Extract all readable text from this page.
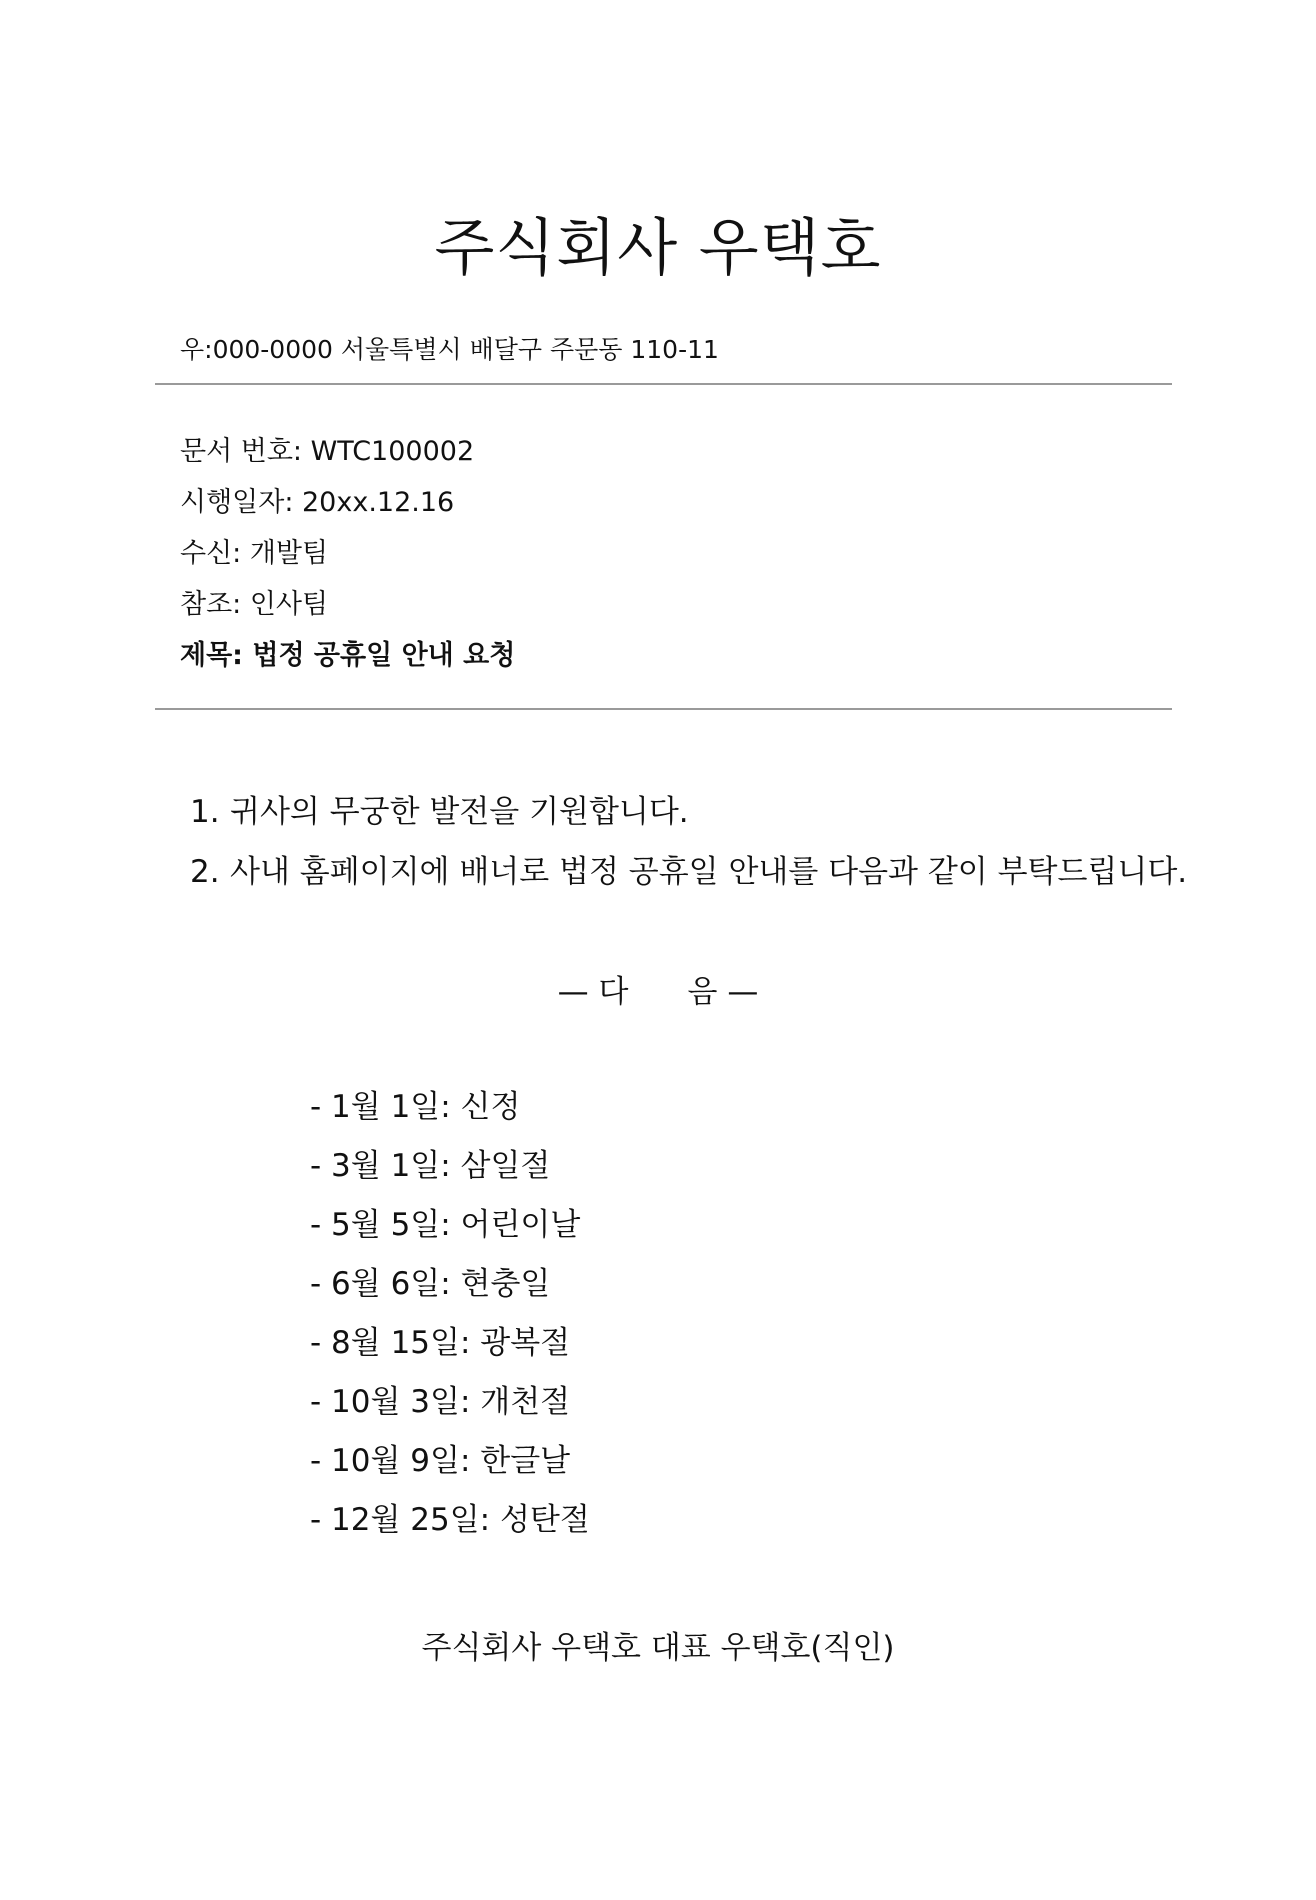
주식회사 우택호
우:000-0000 서울특별시 배달구 주문동 110-11
문서 번호: WTC100002
시행일자: 20xx.12.16
수신: 개발팀
참조: 인사팀
제목: 법정 공휴일 안내 요청
1. 귀사의 무궁한 발전을 기원합니다.
2. 사내 홈페이지에 배너로 법정 공휴일 안내를 다음과 같이 부탁드립니다.
— 다      음 —
- 1월 1일: 신정
- 3월 1일: 삼일절
- 5월 5일: 어린이날
- 6월 6일: 현충일
- 8월 15일: 광복절
- 10월 3일: 개천절
- 10월 9일: 한글날
- 12월 25일: 성탄절
주식회사 우택호 대표 우택호(직인)
